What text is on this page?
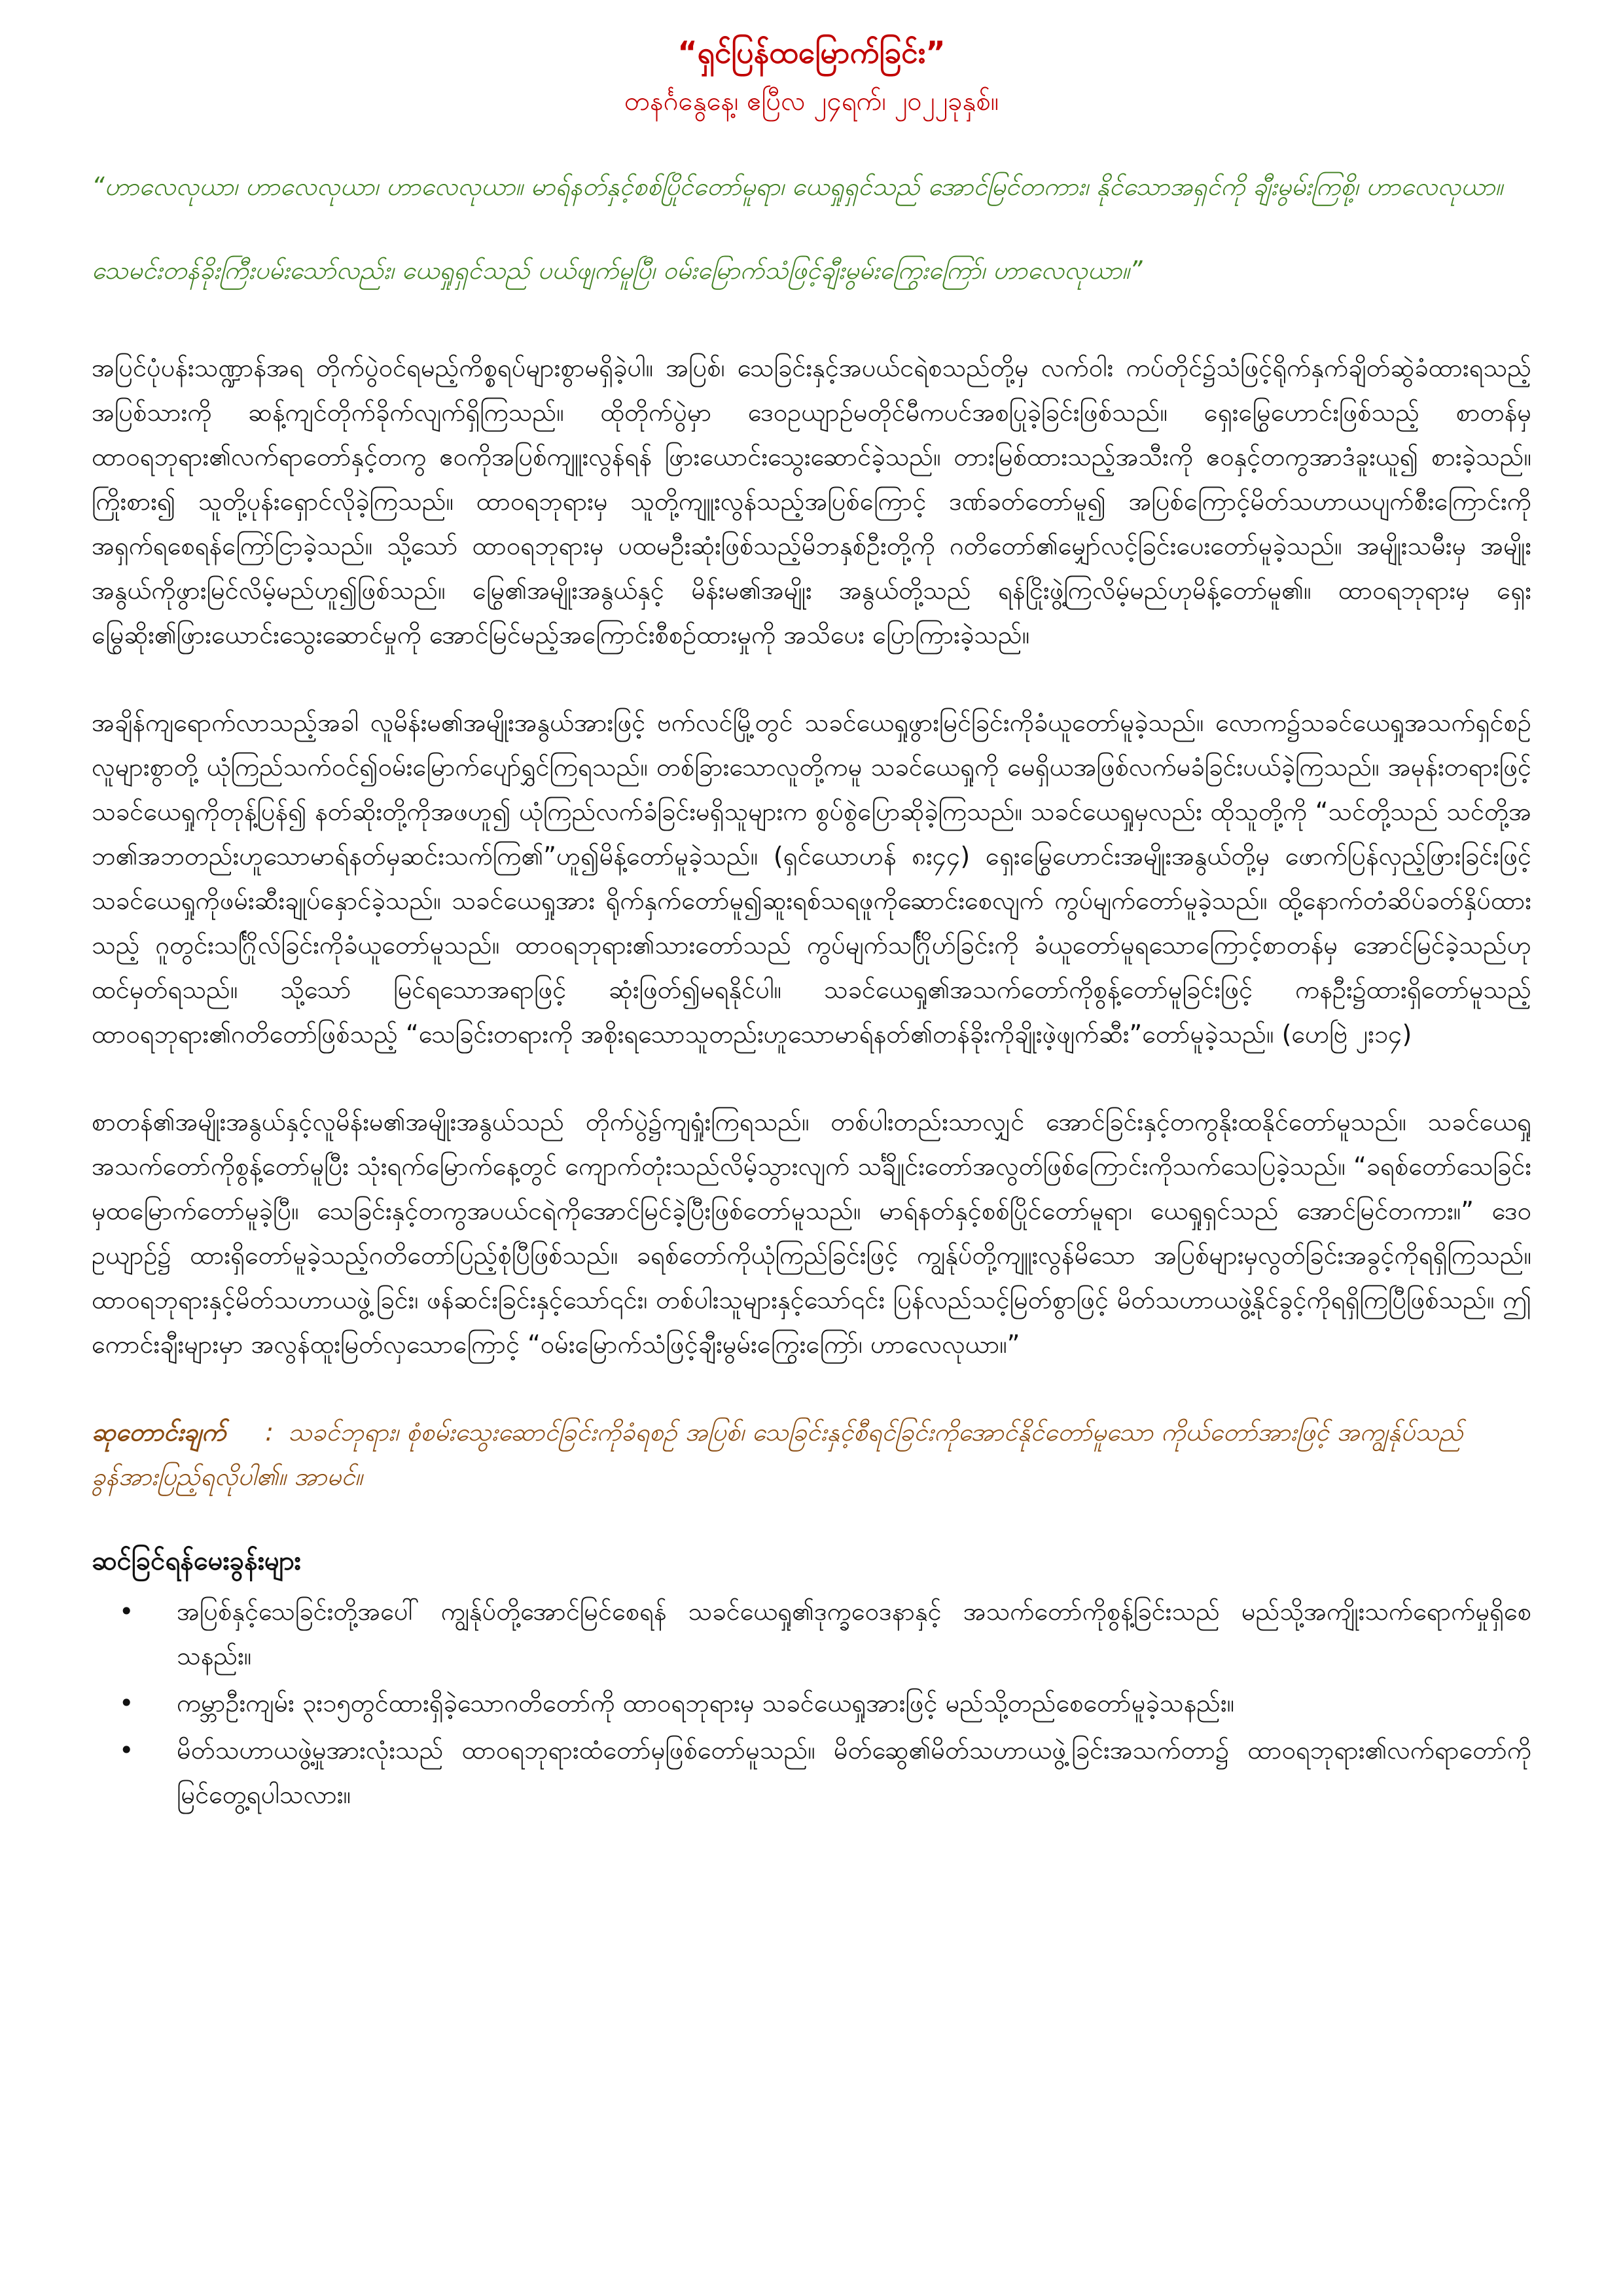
“ရှင်ပြန်ထမြောက်ခြင်း”
တနင်္ဂနွေနေ့၊ ဧပြီလ ၂၄ရက်၊ ၂၀၂၂ခုနှစ်။

“ဟာလေလုယာ၊ ဟာလေလုယာ၊ ဟာလေလုယာ။ မာရ်နတ်နှင့်စစ်ပြိုင်တော်မူရာ၊ ယေရှုရှင်သည် အောင်မြင်တကား၊ နိုင်သောအရှင်ကို ချီးမွမ်းကြစို့၊ ဟာလေလုယာ။

သေမင်းတန်ခိုးကြီးပမ်းသော်လည်း၊ ယေရှုရှင်သည် ပယ်ဖျက်မူပြီ၊ ဝမ်းမြောက်သံဖြင့်ချီးမွမ်းကြွေးကြော်၊ ဟာလေလုယာ။”

အပြင်ပုံပန်းသဏ္ဍာန်အရ တိုက်ပွဲဝင်ရမည့်ကိစ္စရပ်များစွာမရှိခဲ့ပါ။ အပြစ်၊ သေခြင်းနှင့်အပယ်ငရဲစသည်တို့မှ လက်ဝါး ကပ်တိုင်၌သံဖြင့်ရိုက်နှက်ချိတ်ဆွဲခံထားရသည့် အပြစ်သားကို ဆန့်ကျင်တိုက်ခိုက်လျက်ရှိကြသည်။ ထိုတိုက်ပွဲမှာ ဒေဝဥယျာဉ်မတိုင်မီကပင်အစပြုခဲ့ခြင်းဖြစ်သည်။ ရှေးမြွေဟောင်းဖြစ်သည့် စာတန်မှ ထာဝရဘုရား၏လက်ရာတော်နှင့်တကွ ဧဝကိုအပြစ်ကျူးလွန်ရန် ဖြားယောင်းသွေးဆောင်ခဲ့သည်။ တားမြစ်ထားသည့်အသီးကို ဧဝနှင့်တကွအာဒံခူးယူ၍ စားခဲ့သည်။ ကြိုးစား၍ သူတို့ပုန်းရှောင်လိုခဲ့ကြသည်။ ထာဝရဘုရားမှ သူတို့ကျူးလွန်သည့်အပြစ်ကြောင့် ဒဏ်ခတ်တော်မူ၍ အပြစ်ကြောင့်မိတ်သဟာယပျက်စီးကြောင်းကို အရှက်ရစေရန်ကြော်ငြာခဲ့သည်။ သို့သော် ထာဝရဘုရားမှ ပထမဦးဆုံးဖြစ်သည့်မိဘနှစ်ဦးတို့ကို ဂတိတော်၏မျှော်လင့်ခြင်းပေးတော်မူခဲ့သည်။ အမျိုးသမီးမှ အမျိုးအနွယ်ကိုဖွားမြင်လိမ့်မည်ဟူ၍ဖြစ်သည်။ မြွေ၏အမျိုးအနွယ်နှင့် မိန်းမ၏အမျိုး အနွယ်တို့သည် ရန်ငြိုးဖွဲ့ကြလိမ့်မည်ဟုမိန့်တော်မူ၏။ ထာဝရဘုရားမှ ရှေးမြွေဆိုး၏ဖြားယောင်းသွေးဆောင်မှုကို အောင်မြင်မည့်အကြောင်းစီစဉ်ထားမှုကို အသိပေး ပြောကြားခဲ့သည်။

အချိန်ကျရောက်လာသည့်အခါ လူမိန်းမ၏အမျိုးအနွယ်အားဖြင့် ဗက်လင်မြို့တွင် သခင်ယေရှုဖွားမြင်ခြင်းကိုခံယူတော်မူခဲ့သည်။ လောက၌သခင်ယေရှုအသက်ရှင်စဉ် လူများစွာတို့ ယုံကြည်သက်ဝင်၍ဝမ်းမြောက်ပျော်ရွှင်ကြရသည်။ တစ်ခြားသောလူတို့ကမူ သခင်ယေရှုကို မေရှိယအဖြစ်လက်မခံခြင်းပယ်ခဲ့ကြသည်။ အမုန်းတရားဖြင့် သခင်ယေရှုကိုတုန့်ပြန်၍ နတ်ဆိုးတို့ကိုအဖဟူ၍ ယုံကြည်လက်ခံခြင်းမရှိသူများက စွပ်စွဲပြောဆိုခဲ့ကြသည်။ သခင်ယေရှုမှလည်း ထိုသူတို့ကို “သင်တို့သည် သင်တို့အဘ၏အဘတည်းဟူသောမာရ်နတ်မှဆင်းသက်ကြ၏”ဟူ၍မိန့်တော်မူခဲ့သည်။ (ရှင်ယောဟန် ၈း၄၄) ရှေးမြွေဟောင်းအမျိုးအနွယ်တို့မှ ဖောက်ပြန်လှည့်ဖြားခြင်းဖြင့် သခင်ယေရှုကိုဖမ်းဆီးချုပ်နှောင်ခဲ့သည်။ သခင်ယေရှုအား ရိုက်နှက်တော်မူ၍ဆူးရစ်သရဖူကိုဆောင်းစေလျက် ကွပ်မျက်တော်မူခဲ့သည်။ ထို့နောက်တံဆိပ်ခတ်နှိပ်ထားသည့် ဂူတွင်းသင်္ဂြိုလ်ခြင်းကိုခံယူတော်မူသည်။ ထာဝရဘုရား၏သားတော်သည် ကွပ်မျက်သင်္ဂြိုဟ်ခြင်းကို ခံယူတော်မူရသောကြောင့်စာတန်မှ အောင်မြင်ခဲ့သည်ဟုထင်မှတ်ရသည်။ သို့သော် မြင်ရသောအရာဖြင့် ဆုံးဖြတ်၍မရနိုင်ပါ။ သခင်ယေရှု၏အသက်တော်ကိုစွန့်တော်မူခြင်းဖြင့် ကနဦး၌ထားရှိတော်မူသည့်ထာဝရဘုရား၏ဂတိတော်ဖြစ်သည့် “သေခြင်းတရားကို အစိုးရသောသူတည်းဟူသောမာရ်နတ်၏တန်ခိုးကိုချိုးဖဲ့ဖျက်ဆီး”တော်မူခဲ့သည်။ (ဟေဗြဲ ၂း၁၄)

စာတန်၏အမျိုးအနွယ်နှင့်လူမိန်းမ၏အမျိုးအနွယ်သည် တိုက်ပွဲ၌ကျရှုံးကြရသည်။ တစ်ပါးတည်းသာလျှင် အောင်ခြင်းနှင့်တကွနိုးထနိုင်တော်မူသည်။ သခင်ယေရှုအသက်တော်ကိုစွန့်တော်မူပြီး သုံးရက်မြောက်နေ့တွင် ကျောက်တုံးသည်လိမ့်သွားလျက် သင်္ချိုင်းတော်အလွတ်ဖြစ်ကြောင်းကိုသက်သေပြခဲ့သည်။ “ခရစ်တော်သေခြင်းမှထမြောက်တော်မူခဲ့ပြီ။ သေခြင်းနှင့်တကွအပယ်ငရဲကိုအောင်မြင်ခဲ့ပြီးဖြစ်တော်မူသည်။ မာရ်နတ်နှင့်စစ်ပြိုင်တော်မူရာ၊ ယေရှုရှင်သည် အောင်မြင်တကား။” ဒေဝဥယျာဉ်၌ ထားရှိတော်မူခဲ့သည့်ဂတိတော်ပြည့်စုံပြီဖြစ်သည်။ ခရစ်တော်ကိုယုံကြည်ခြင်းဖြင့် ကျွန်ုပ်တို့ကျူးလွန်မိသော အပြစ်များမှလွတ်ခြင်းအခွင့်ကိုရရှိကြသည်။ ထာဝရဘုရားနှင့်မိတ်သဟာယဖွဲ့ခြင်း၊ ဖန်ဆင်းခြင်းနှင့်သော်၎င်း၊ တစ်ပါးသူများနှင့်သော်၎င်း ပြန်လည်သင့်မြတ်စွာဖြင့် မိတ်သဟာယဖွဲ့နိုင်ခွင့်ကိုရရှိကြပြီဖြစ်သည်။ ဤကောင်းချီးများမှာ အလွန်ထူးမြတ်လှသောကြောင့် “ဝမ်းမြောက်သံဖြင့်ချီးမွမ်းကြွေးကြော်၊ ဟာလေလုယာ။”

ဆုတောင်းချက် : သခင်ဘုရား၊ စုံစမ်းသွေးဆောင်ခြင်းကိုခံရစဉ် အပြစ်၊ သေခြင်းနှင့်စီရင်ခြင်းကိုအောင်နိုင်တော်မူသော ကိုယ်တော်အားဖြင့် အကျွန်ုပ်သည် ခွန်အားပြည့်ရလိုပါ၏။ အာမင်။
ဆင်ခြင်ရန်မေးခွန်းများ
• အပြစ်နှင့်သေခြင်းတို့အပေါ် ကျွန်ုပ်တို့အောင်မြင်စေရန် သခင်ယေရှု၏ဒုက္ခဝေဒနာနှင့် အသက်တော်ကိုစွန့်ခြင်းသည် မည်သို့အကျိုးသက်ရောက်မှုရှိစေသနည်း။
• ကမ္ဘာဦးကျမ်း ၃း၁၅တွင်ထားရှိခဲ့သောဂတိတော်ကို ထာဝရဘုရားမှ သခင်ယေရှုအားဖြင့် မည်သို့တည်စေတော်မူခဲ့သနည်း။
• မိတ်သဟာယဖွဲ့မှုအားလုံးသည် ထာဝရဘုရားထံတော်မှဖြစ်တော်မူသည်။ မိတ်ဆွေ၏မိတ်သဟာယဖွဲ့ခြင်းအသက်တာ၌ ထာဝရဘုရား၏လက်ရာတော်ကိုမြင်တွေ့ရပါသလား။
